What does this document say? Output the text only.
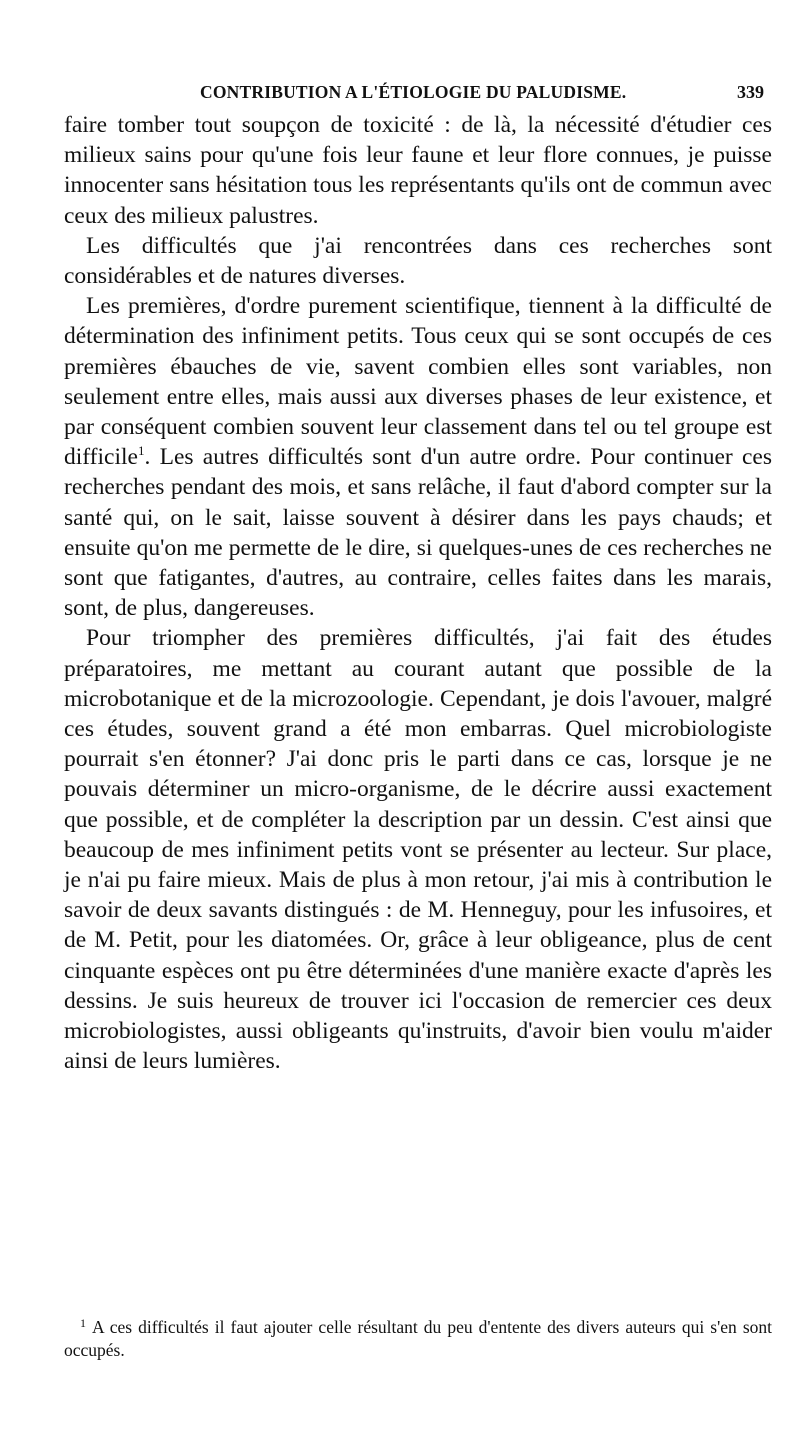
CONTRIBUTION A L'ÉTIOLOGIE DU PALUDISME.	339

faire tomber tout soupçon de toxicité : de là, la nécessité d'étudier ces milieux sains pour qu'une fois leur faune et leur flore connues, je puisse innocenter sans hésitation tous les représentants qu'ils ont de commun avec ceux des milieux palustres.

Les difficultés que j'ai rencontrées dans ces recherches sont considérables et de natures diverses.

Les premières, d'ordre purement scientifique, tiennent à la difficulté de détermination des infiniment petits. Tous ceux qui se sont occupés de ces premières ébauches de vie, savent combien elles sont variables, non seulement entre elles, mais aussi aux diverses phases de leur existence, et par conséquent combien souvent leur classement dans tel ou tel groupe est difficile$^1$. Les autres difficultés sont d'un autre ordre. Pour continuer ces recherches pendant des mois, et sans relâche, il faut d'abord compter sur la santé qui, on le sait, laisse souvent à désirer dans les pays chauds; et ensuite qu'on me permette de le dire, si quelques-unes de ces recherches ne sont que fatigantes, d'autres, au contraire, celles faites dans les marais, sont, de plus, dangereuses.

Pour triompher des premières difficultés, j'ai fait des études préparatoires, me mettant au courant autant que possible de la microbotanique et de la microzoologie. Cependant, je dois l'avouer, malgré ces études, souvent grand a été mon embarras. Quel microbiologiste pourrait s'en étonner? J'ai donc pris le parti dans ce cas, lorsque je ne pouvais déterminer un micro-organisme, de le décrire aussi exactement que possible, et de compléter la description par un dessin. C'est ainsi que beaucoup de mes infiniment petits vont se présenter au lecteur. Sur place, je n'ai pu faire mieux. Mais de plus à mon retour, j'ai mis à contribution le savoir de deux savants distingués : de M. Henneguy, pour les infusoires, et de M. Petit, pour les diatomées. Or, grâce à leur obligeance, plus de cent cinquante espèces ont pu être déterminées d'une manière exacte d'après les dessins. Je suis heureux de trouver ici l'occasion de remercier ces deux microbiologistes, aussi obligeants qu'instruits, d'avoir bien voulu m'aider ainsi de leurs lumières.

$^1$ A ces difficultés il faut ajouter celle résultant du peu d'entente des divers auteurs qui s'en sont occupés.
